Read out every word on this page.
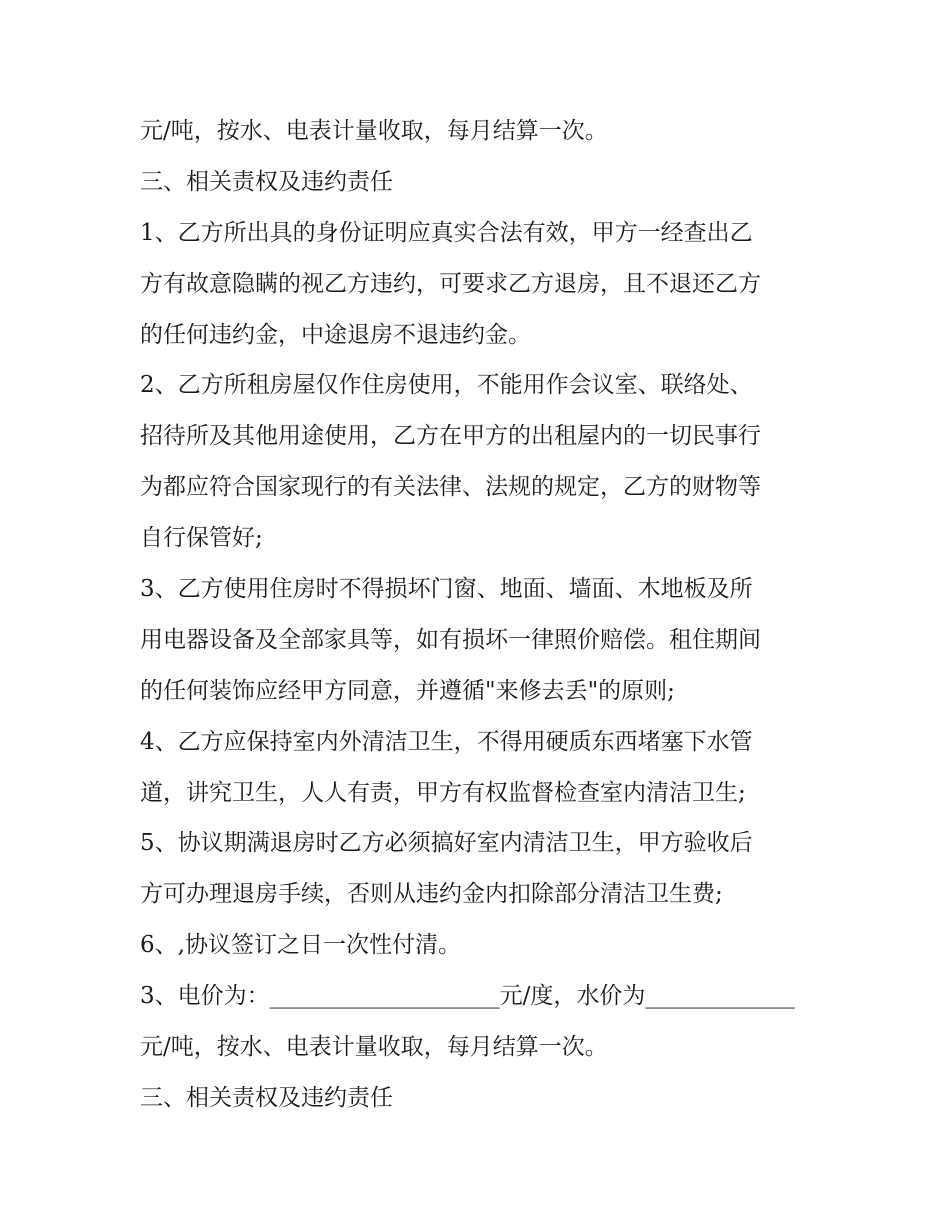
元/吨，按水、电表计量收取，每月结算一次。
三、相关责权及违约责任
1、乙方所出具的身份证明应真实合法有效，甲方一经查出乙
方有故意隐瞒的视乙方违约，可要求乙方退房，且不退还乙方
的任何违约金，中途退房不退违约金。
2、乙方所租房屋仅作住房使用，不能用作会议室、联络处、
招待所及其他用途使用，乙方在甲方的出租屋内的一切民事行
为都应符合国家现行的有关法律、法规的规定，乙方的财物等
自行保管好;
3、乙方使用住房时不得损坏门窗、地面、墙面、木地板及所
用电器设备及全部家具等，如有损坏一律照价赔偿。租住期间
的任何装饰应经甲方同意，并遵循"来修去丢"的原则;
4、乙方应保持室内外清洁卫生，不得用硬质东西堵塞下水管
道，讲究卫生，人人有责，甲方有权监督检查室内清洁卫生;
5、协议期满退房时乙方必须搞好室内清洁卫生，甲方验收后
方可办理退房手续，否则从违约金内扣除部分清洁卫生费;
6、,协议签订之日一次性付清。
3、电价为：____________________元/度，水价为_____________
元/吨，按水、电表计量收取，每月结算一次。
三、相关责权及违约责任
